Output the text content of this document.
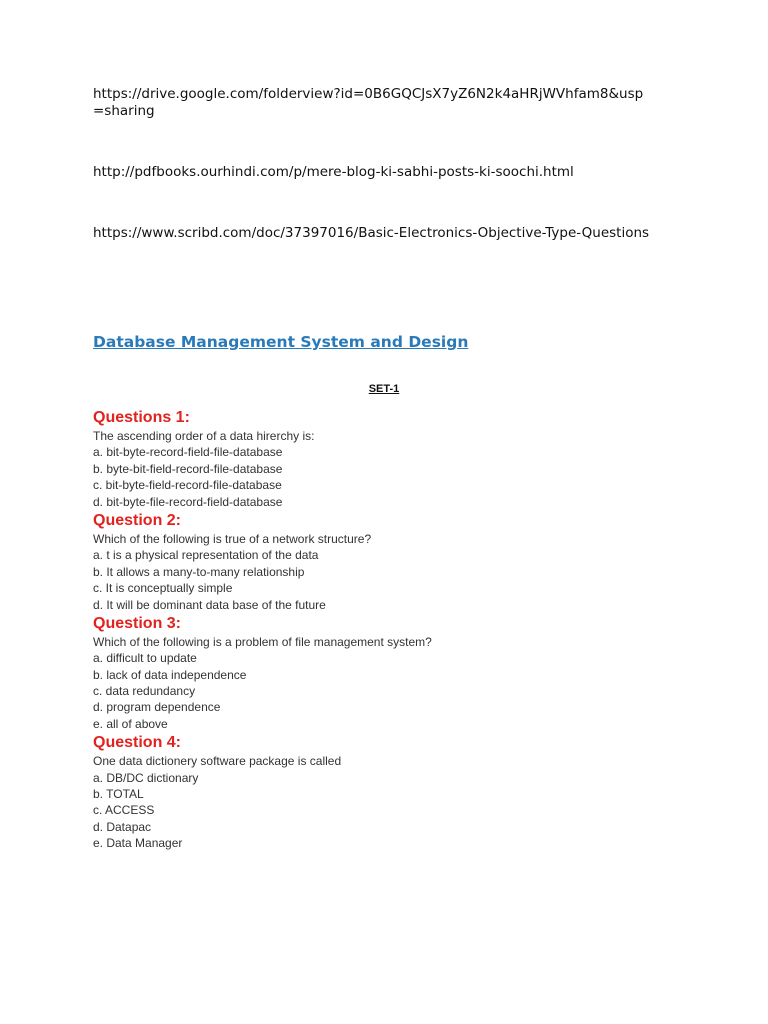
https://drive.google.com/folderview?id=0B6GQCJsX7yZ6N2k4aHRjWVhfam8&usp=sharing
http://pdfbooks.ourhindi.com/p/mere-blog-ki-sabhi-posts-ki-soochi.html
https://www.scribd.com/doc/37397016/Basic-Electronics-Objective-Type-Questions
Database Management System and Design
SET-1
Questions 1:
The ascending order of a data hirerchy is:
a. bit-byte-record-field-file-database
b. byte-bit-field-record-file-database
c. bit-byte-field-record-file-database
d. bit-byte-file-record-field-database
Question 2:
Which of the following is true of a network structure?
a. t is a physical representation of the data
b. It allows a many-to-many relationship
c. It is conceptually simple
d. It will be dominant data base of the future
Question 3:
Which of the following is a problem of file management system?
a. difficult to update
b. lack of data independence
c. data redundancy
d. program dependence
e. all of above
Question 4:
One data dictionery software package is called
a. DB/DC dictionary
b. TOTAL
c. ACCESS
d. Datapac
e. Data Manager
